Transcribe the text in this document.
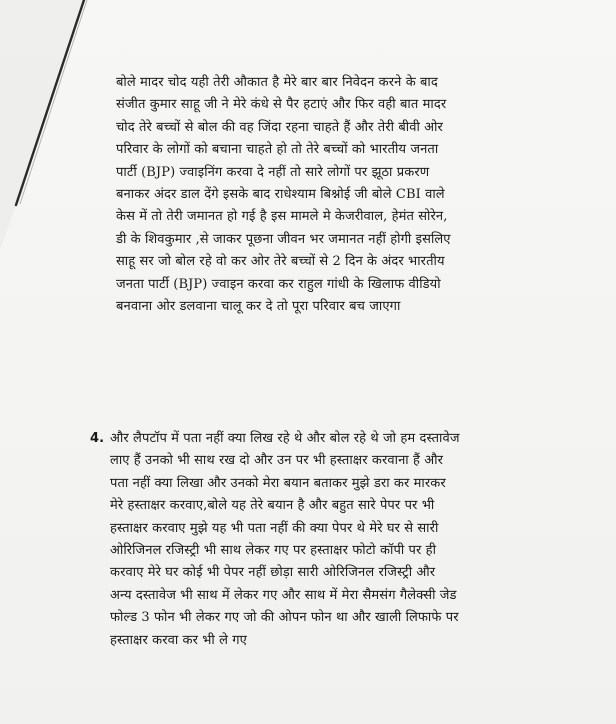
बोले मादर चोद यही तेरी औकात है मेरे बार बार निवेदन करने के बाद
संजीत कुमार साहू जी ने मेरे कंधे से पैर हटाएं और फिर वही बात मादर
चोद तेरे बच्चों से बोल की वह जिंदा रहना चाहते हैं और तेरी बीवी ओर
परिवार के लोगों को बचाना चाहते हो तो तेरे बच्चों को भारतीय जनता
पार्टी (BJP) ज्वाइनिंग करवा दे नहीं तो सारे लोगों पर झूठा प्रकरण
बनाकर अंदर डाल देंगे इसके बाद राधेश्याम बिश्नोई जी बोले CBI वाले
केस में तो तेरी जमानत हो गई है इस मामले मे केजरीवाल, हेमंत सोरेन,
डी के शिवकुमार ,से जाकर पूछना जीवन भर जमानत नहीं होगी इसलिए
साहू सर जो बोल रहे वो कर ओर तेरे बच्चों से 2 दिन के अंदर भारतीय
जनता पार्टी (BJP) ज्वाइन करवा कर राहुल गांधी के खिलाफ वीडियो
बनवाना ओर डलवाना चालू कर दे तो पूरा परिवार बच जाएगा
4. और लैपटॉप में पता नहीं क्या लिख रहे थे और बोल रहे थे जो हम दस्तावेज
लाए हैं उनको भी साथ रख दो और उन पर भी हस्ताक्षर करवाना हैं और
पता नहीं क्या लिखा और उनको मेरा बयान बताकर मुझे डरा कर मारकर
मेरे हस्ताक्षर करवाए,बोले यह तेरे बयान है और बहुत सारे पेपर पर भी
हस्ताक्षर करवाए मुझे यह भी पता नहीं की क्या पेपर थे मेरे घर से सारी
ओरिजिनल रजिस्ट्री भी साथ लेकर गए पर हस्ताक्षर फोटो कॉपी पर ही
करवाए मेरे घर कोई भी पेपर नहीं छोड़ा सारी ओरिजिनल रजिस्ट्री और
अन्य दस्तावेज भी साथ में लेकर गए और साथ में मेरा सैमसंग गैलेक्सी जेड
फोल्ड 3 फोन भी लेकर गए जो की ओपन फोन था और खाली लिफाफे पर
हस्ताक्षर करवा कर भी ले गए
